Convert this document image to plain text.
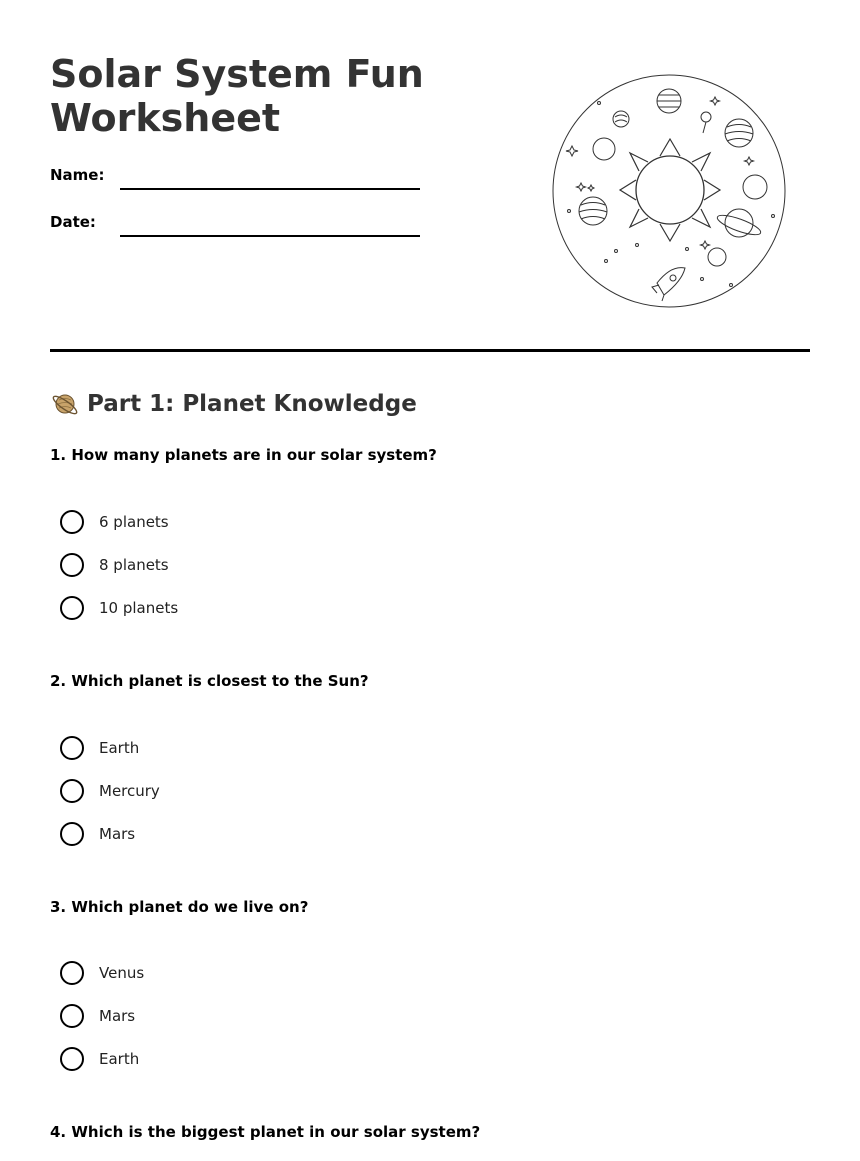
Solar System Fun Worksheet
Name:
Date:
Part 1: Planet Knowledge

1. How many planets are in our solar system?

6 planets
8 planets
10 planets

2. Which planet is closest to the Sun?

Earth
Mercury
Mars

3. Which planet do we live on?

Venus
Mars
Earth

4. Which is the biggest planet in our solar system?
